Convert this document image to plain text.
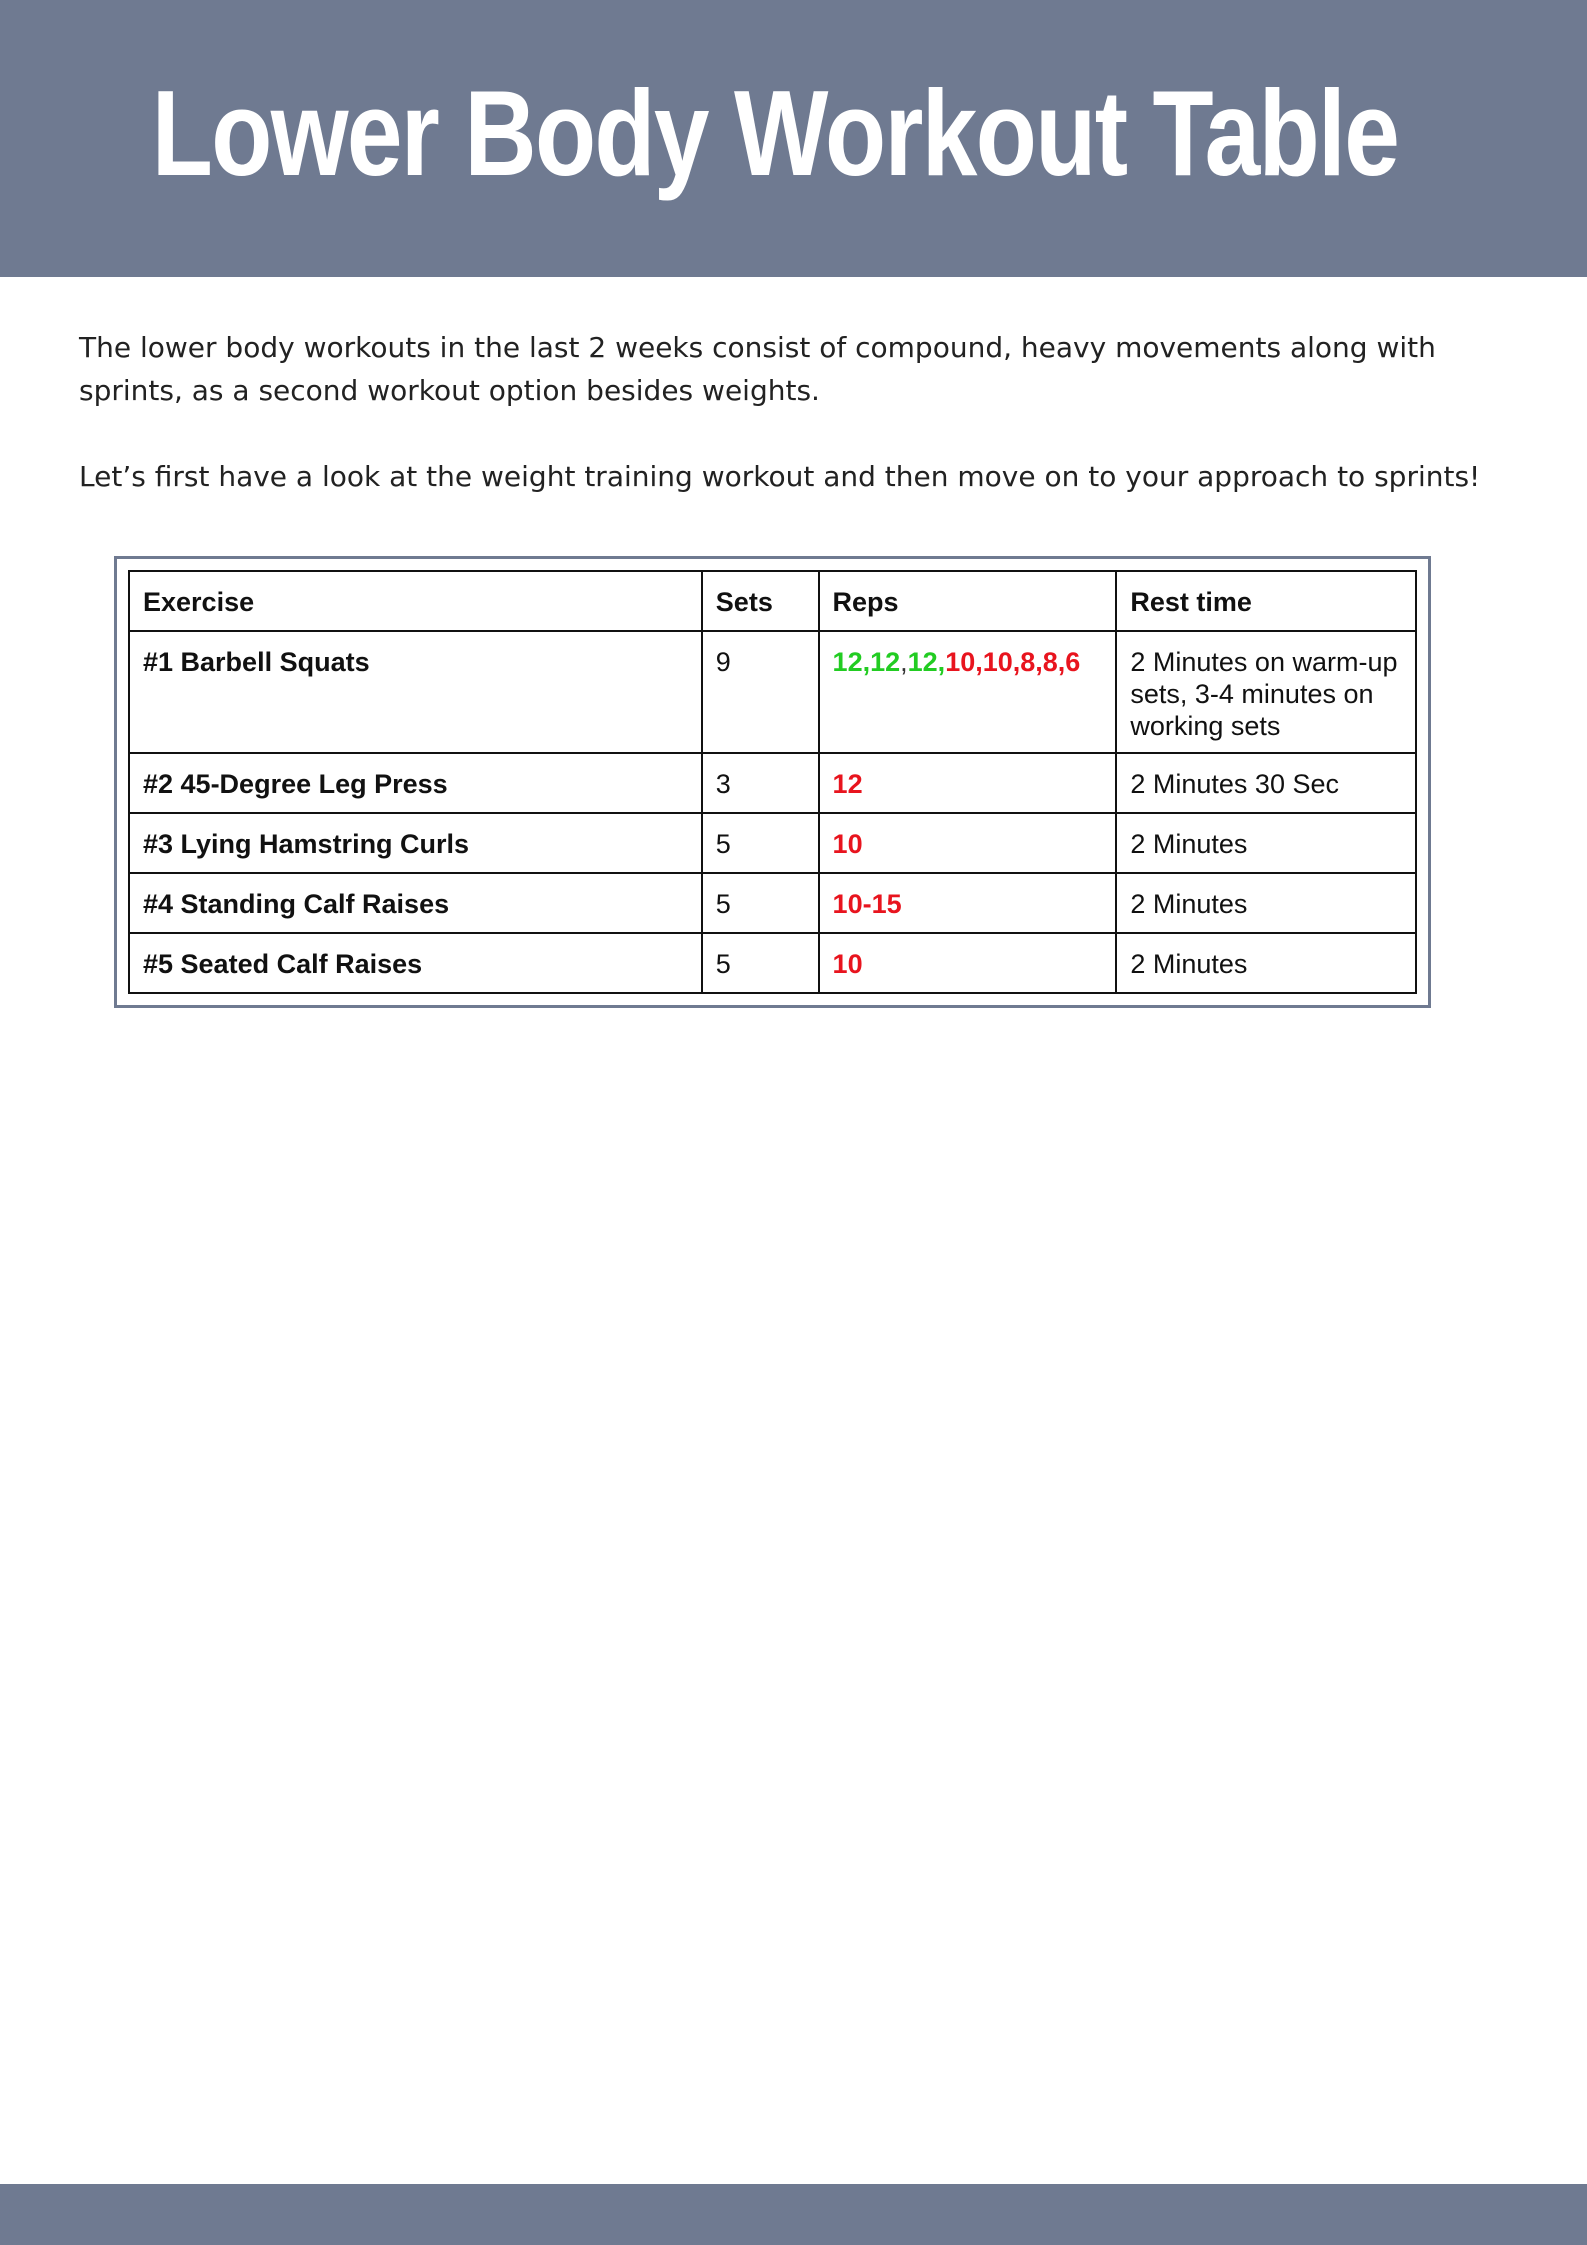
Lower Body Workout Table

The lower body workouts in the last 2 weeks consist of compound, heavy movements along with sprints, as a second workout option besides weights.

Let’s first have a look at the weight training workout and then move on to your approach to sprints!

Exercise	Sets	Reps	Rest time
#1 Barbell Squats	9	12,12,12,10,10,8,8,6	2 Minutes on warm-up sets, 3-4 minutes on working sets
#2 45-Degree Leg Press	3	12	2 Minutes 30 Sec
#3 Lying Hamstring Curls	5	10	2 Minutes
#4 Standing Calf Raises	5	10-15	2 Minutes
#5 Seated Calf Raises	5	10	2 Minutes
